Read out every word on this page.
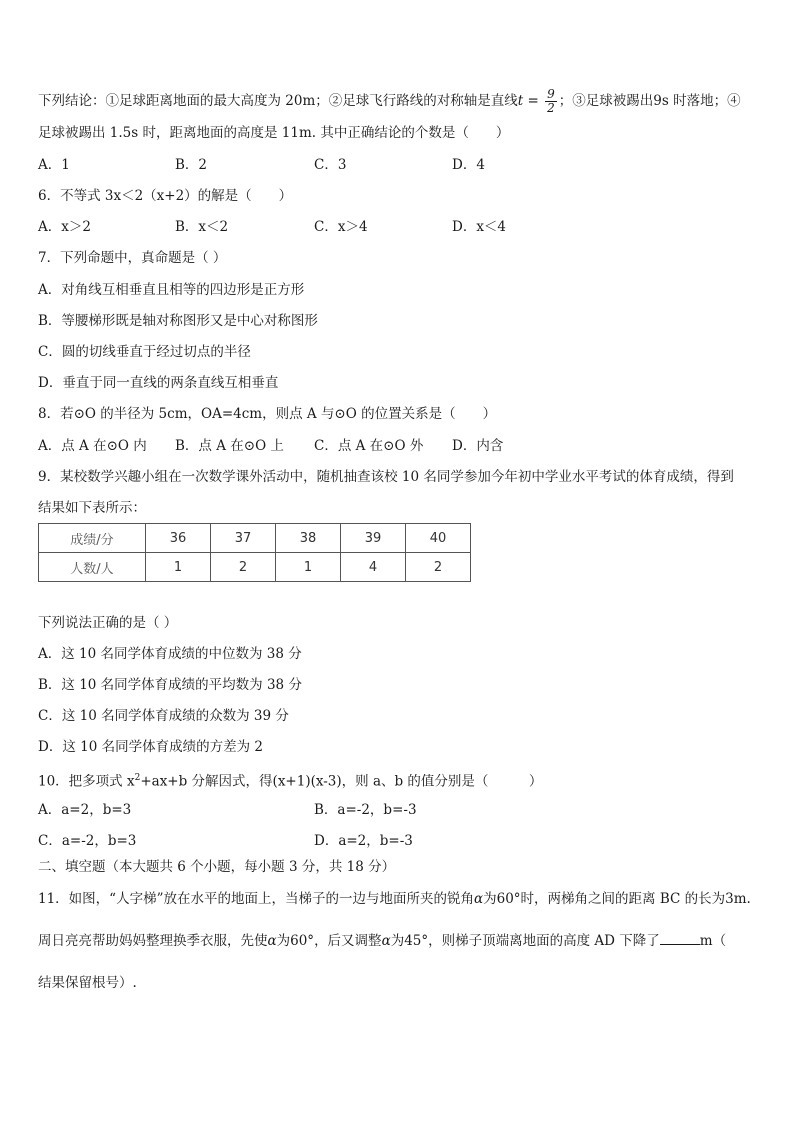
下列结论：①足球距离地面的最大高度为 20m；②足球飞行路线的对称轴是直线$t = \frac{9}{2}$ ；③足球被踢出9s 时落地；④
足球被踢出 1.5s 时，距离地面的高度是 11m. 其中正确结论的个数是（　　）
A．1	B．2	C．3	D．4
6．不等式 3x＜2（x+2）的解是（　　）
A．x＞2	B．x＜2	C．x＞4	D．x＜4
7．下列命题中，真命题是（ ）
A．对角线互相垂直且相等的四边形是正方形
B．等腰梯形既是轴对称图形又是中心对称图形
C．圆的切线垂直于经过切点的半径
D．垂直于同一直线的两条直线互相垂直
8．若⊙O 的半径为 5cm，OA=4cm，则点 A 与⊙O 的位置关系是（　　）
A．点 A 在⊙O 内 B．点 A 在⊙O 上 C．点 A 在⊙O 外 D．内含
9．某校数学兴趣小组在一次数学课外活动中，随机抽查该校 10 名同学参加今年初中学业水平考试的体育成绩，得到
结果如下表所示：
成绩/分	36	37	38	39	40
人数/人	1	2	1	4	2
下列说法正确的是（ ）
A．这 10 名同学体育成绩的中位数为 38 分
B．这 10 名同学体育成绩的平均数为 38 分
C．这 10 名同学体育成绩的众数为 39 分
D．这 10 名同学体育成绩的方差为 2
10．把多项式 $x^2+ax+b$ 分解因式，得(x+1)(x-3)，则 a、b 的值分别是（　　　）
A．a=2，b=3	B．a=-2，b=-3
C．a=-2，b=3	D．a=2，b=-3
二、填空题（本大题共 6 个小题，每小题 3 分，共 18 分）
11．如图，“人字梯”放在水平的地面上，当梯子的一边与地面所夹的锐角α为60°时，两梯角之间的距离 BC 的长为3m.
周日亮亮帮助妈妈整理换季衣服，先使α为60°，后又调整α为45°，则梯子顶端离地面的高度 AD 下降了	m（
结果保留根号）.
